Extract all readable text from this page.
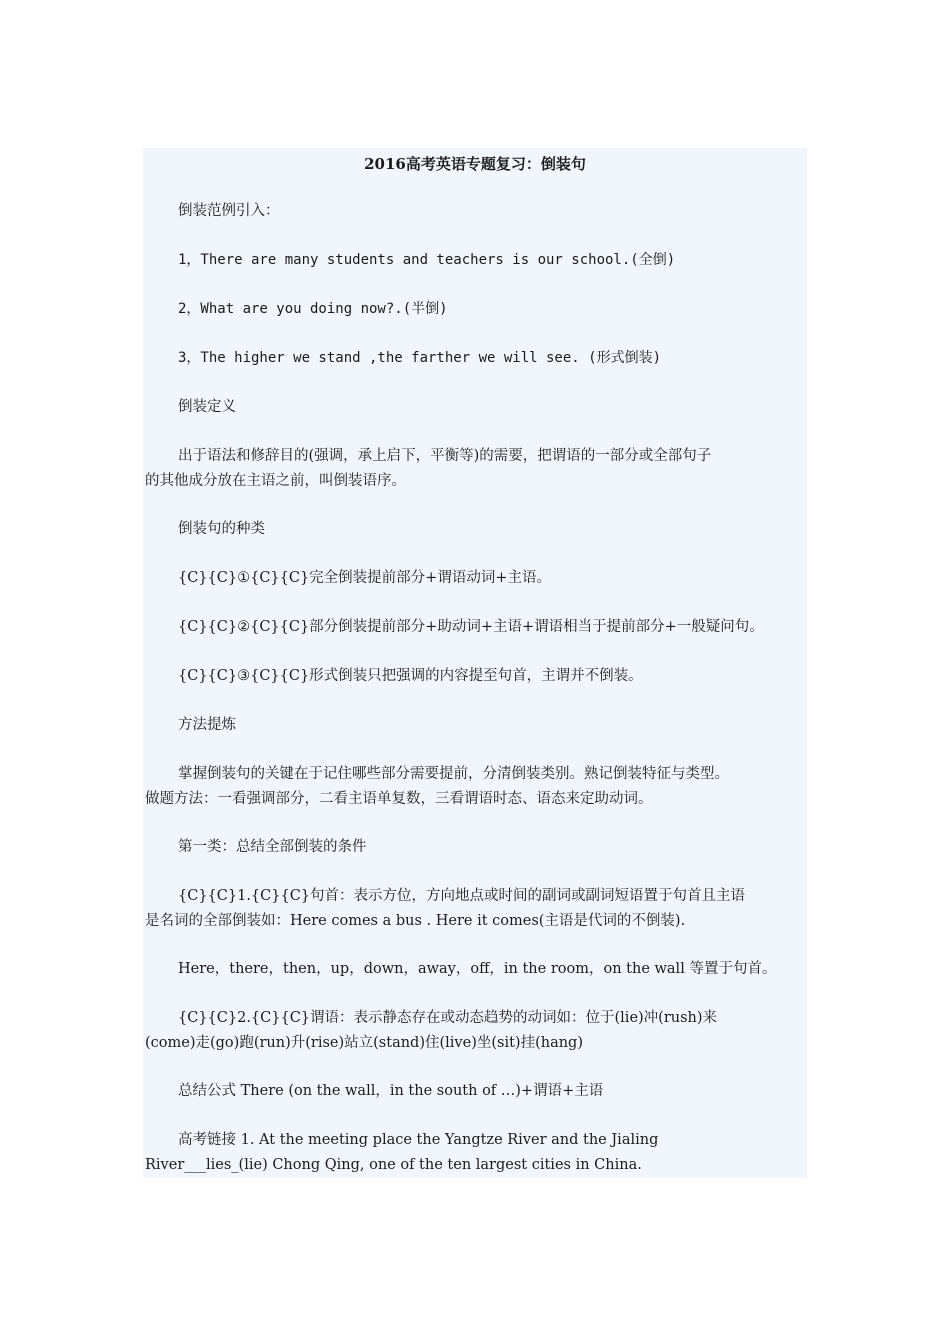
2016高考英语专题复习：倒装句

倒装范例引入：

1，There are many students and teachers is our school.(全倒)

2，What are you doing now?.(半倒)

3，The higher we stand ,the farther we will see. (形式倒装)

倒装定义

出于语法和修辞目的(强调，承上启下，平衡等)的需要，把谓语的一部分或全部句子
的其他成分放在主语之前，叫倒装语序。

倒装句的种类

{C}{C}①{C}{C}完全倒装提前部分+谓语动词+主语。

{C}{C}②{C}{C}部分倒装提前部分+助动词+主语+谓语相当于提前部分+一般疑问句。

{C}{C}③{C}{C}形式倒装只把强调的内容提至句首，主谓并不倒装。

方法提炼

掌握倒装句的关键在于记住哪些部分需要提前，分清倒装类别。熟记倒装特征与类型。
做题方法：一看强调部分，二看主语单复数，三看谓语时态、语态来定助动词。

第一类：总结全部倒装的条件

{C}{C}1.{C}{C}句首：表示方位，方向地点或时间的副词或副词短语置于句首且主语
是名词的全部倒装如：Here comes a bus . Here it comes(主语是代词的不倒装).

Here，there，then，up，down，away，off，in the room，on the wall 等置于句首。

{C}{C}2.{C}{C}谓语：表示静态存在或动态趋势的动词如：位于(lie)冲(rush)来
(come)走(go)跑(run)升(rise)站立(stand)住(live)坐(sit)挂(hang)

总结公式 There (on the wall，in the south of …)+谓语+主语

高考链接 1. At the meeting place the Yangtze River and the Jialing
River___lies_(lie) Chong Qing, one of the ten largest cities in China.
